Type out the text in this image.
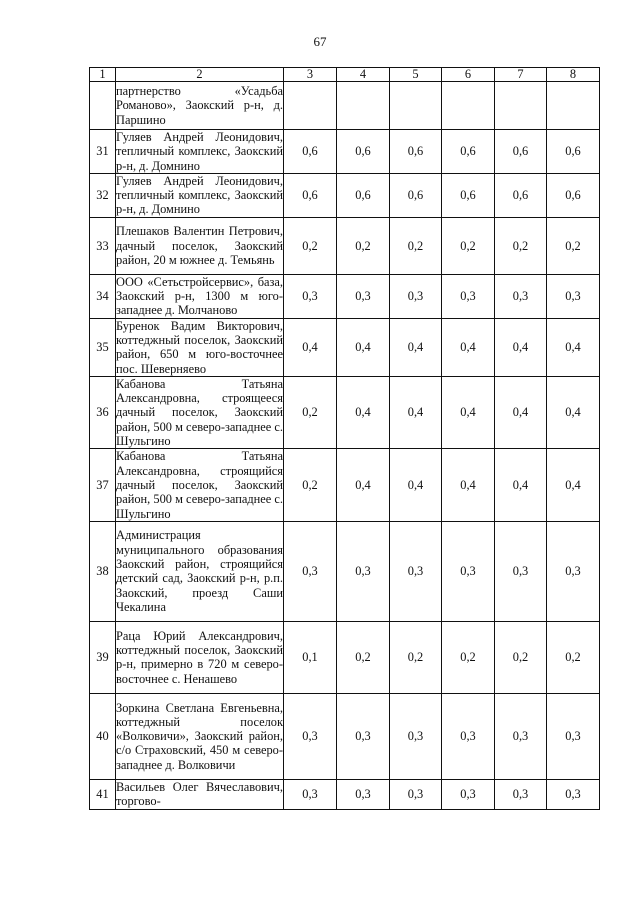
67
1	2	3	4	5	6	7	8
	партнерство «Усадьба Романово», Заокский р-н, д. Паршино						
31	Гуляев Андрей Леонидович, тепличный комплекс, Заокский р-н, д. Домнино	0,6	0,6	0,6	0,6	0,6	0,6
32	Гуляев Андрей Леонидович, тепличный комплекс, Заокский р-н, д. Домнино	0,6	0,6	0,6	0,6	0,6	0,6
33	Плешаков Валентин Петрович, дачный поселок, Заокский район, 20 м южнее д. Темьянь	0,2	0,2	0,2	0,2	0,2	0,2
34	ООО «Сетьстройсервис», база, Заокский р-н, 1300 м юго-западнее д. Молчаново	0,3	0,3	0,3	0,3	0,3	0,3
35	Буренок Вадим Викторович, коттеджный поселок, Заокский район, 650 м юго-восточнее пос. Шеверняево	0,4	0,4	0,4	0,4	0,4	0,4
36	Кабанова Татьяна Александровна, строящееся дачный поселок, Заокский район, 500 м северо-западнее с. Шульгино	0,2	0,4	0,4	0,4	0,4	0,4
37	Кабанова Татьяна Александровна, строящийся дачный поселок, Заокский район, 500 м северо-западнее с. Шульгино	0,2	0,4	0,4	0,4	0,4	0,4
38	Администрация муниципального образования Заокский район, строящийся детский сад, Заокский р-н, р.п. Заокский, проезд Саши Чекалина	0,3	0,3	0,3	0,3	0,3	0,3
39	Раца Юрий Александрович, коттеджный поселок, Заокский р-н, примерно в 720 м северо-восточнее с. Ненашево	0,1	0,2	0,2	0,2	0,2	0,2
40	Зоркина Светлана Евгеньевна, коттеджный поселок «Волковичи», Заокский район, с/о Страховский, 450 м северо-западнее д. Волковичи	0,3	0,3	0,3	0,3	0,3	0,3
41	Васильев Олег Вячеславович, торгово-	0,3	0,3	0,3	0,3	0,3	0,3
